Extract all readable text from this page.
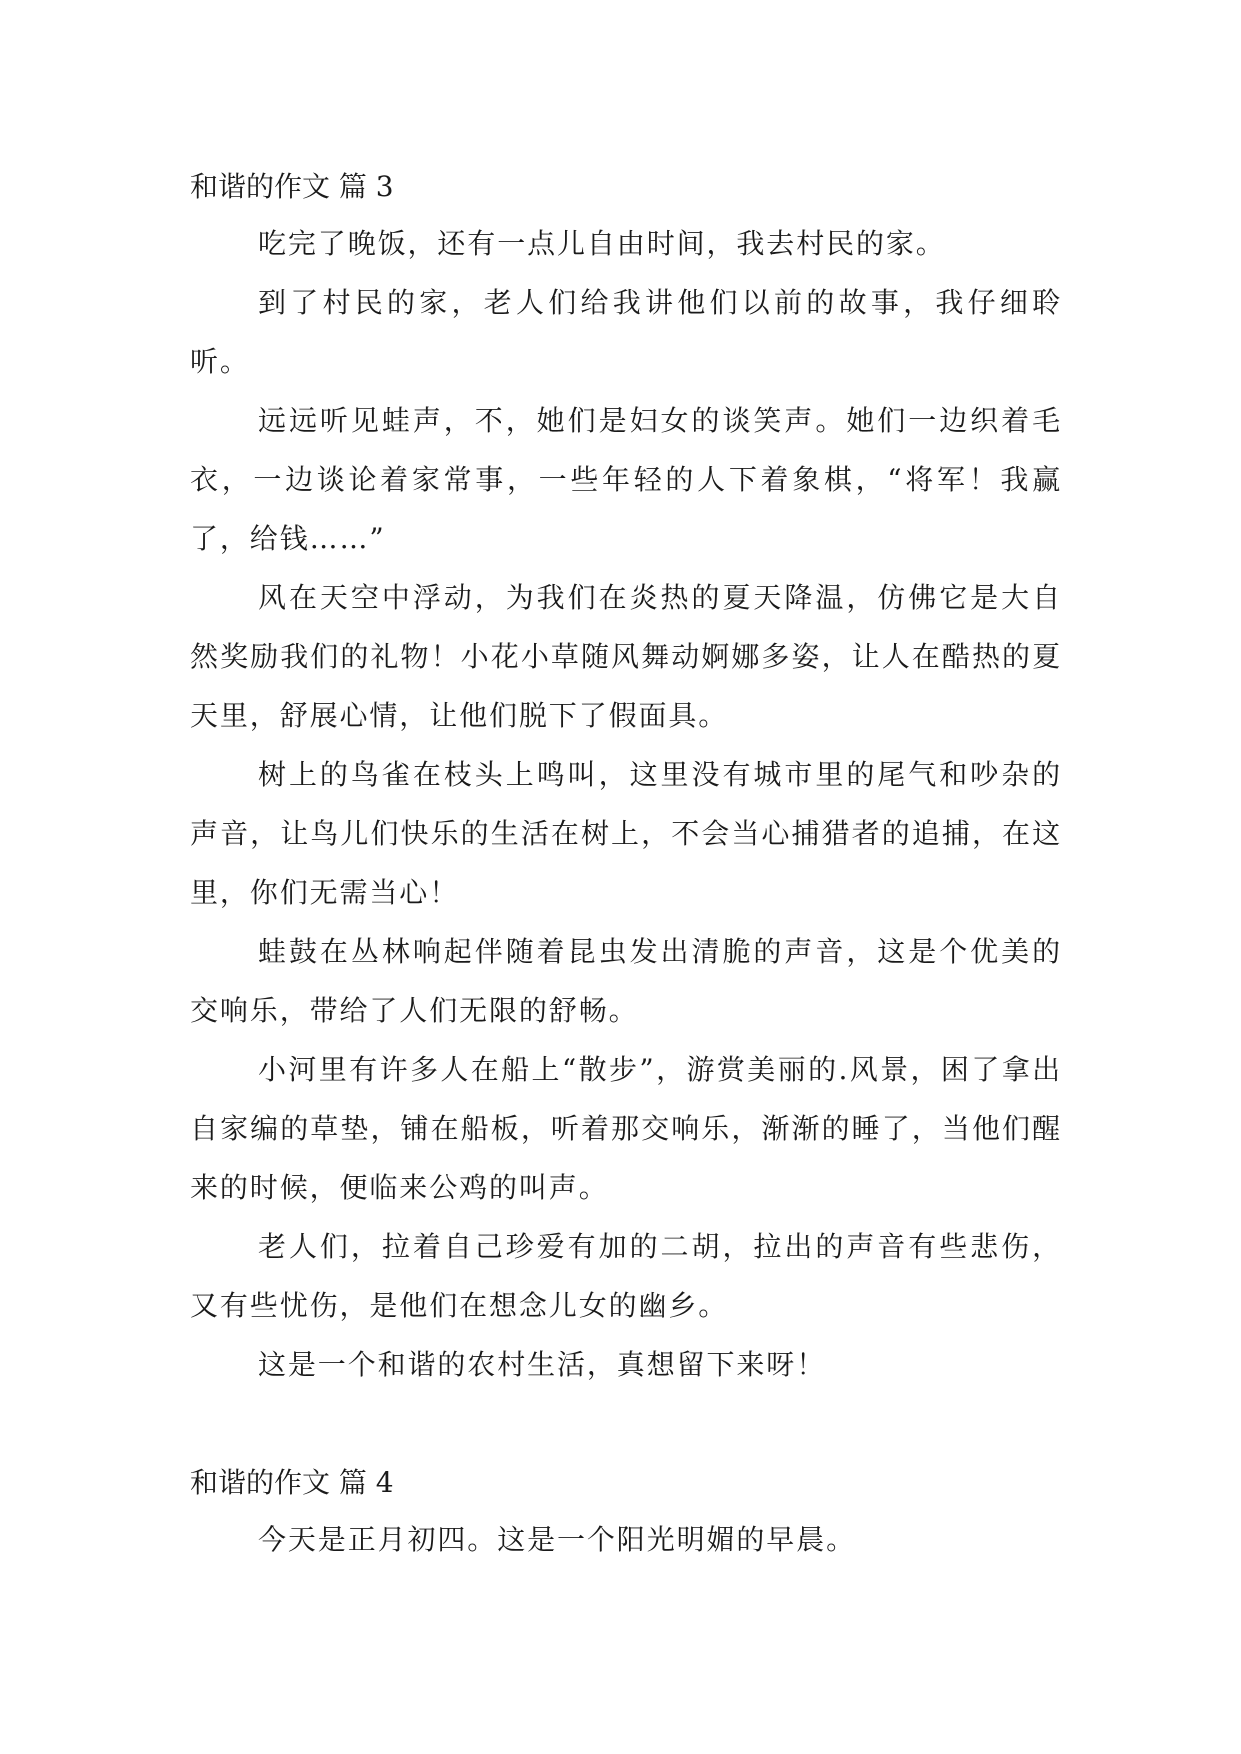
和谐的作文 篇 3

吃完了晚饭，还有一点儿自由时间，我去村民的家。

到了村民的家，老人们给我讲他们以前的故事，我仔细聆听。

远远听见蛙声，不，她们是妇女的谈笑声。她们一边织着毛衣，一边谈论着家常事，一些年轻的人下着象棋，“将军！我赢了，给钱……”

风在天空中浮动，为我们在炎热的夏天降温，仿佛它是大自然奖励我们的礼物！小花小草随风舞动婀娜多姿，让人在酷热的夏天里，舒展心情，让他们脱下了假面具。

树上的鸟雀在枝头上鸣叫，这里没有城市里的尾气和吵杂的声音，让鸟儿们快乐的生活在树上，不会当心捕猎者的追捕，在这里，你们无需当心！

蛙鼓在丛林响起伴随着昆虫发出清脆的声音，这是个优美的交响乐，带给了人们无限的舒畅。

小河里有许多人在船上“散步”，游赏美丽的.风景，困了拿出自家编的草垫，铺在船板，听着那交响乐，渐渐的睡了，当他们醒来的时候，便临来公鸡的叫声。

老人们，拉着自己珍爱有加的二胡，拉出的声音有些悲伤，又有些忧伤，是他们在想念儿女的幽乡。

这是一个和谐的农村生活，真想留下来呀！

和谐的作文 篇 4

今天是正月初四。这是一个阳光明媚的早晨。
